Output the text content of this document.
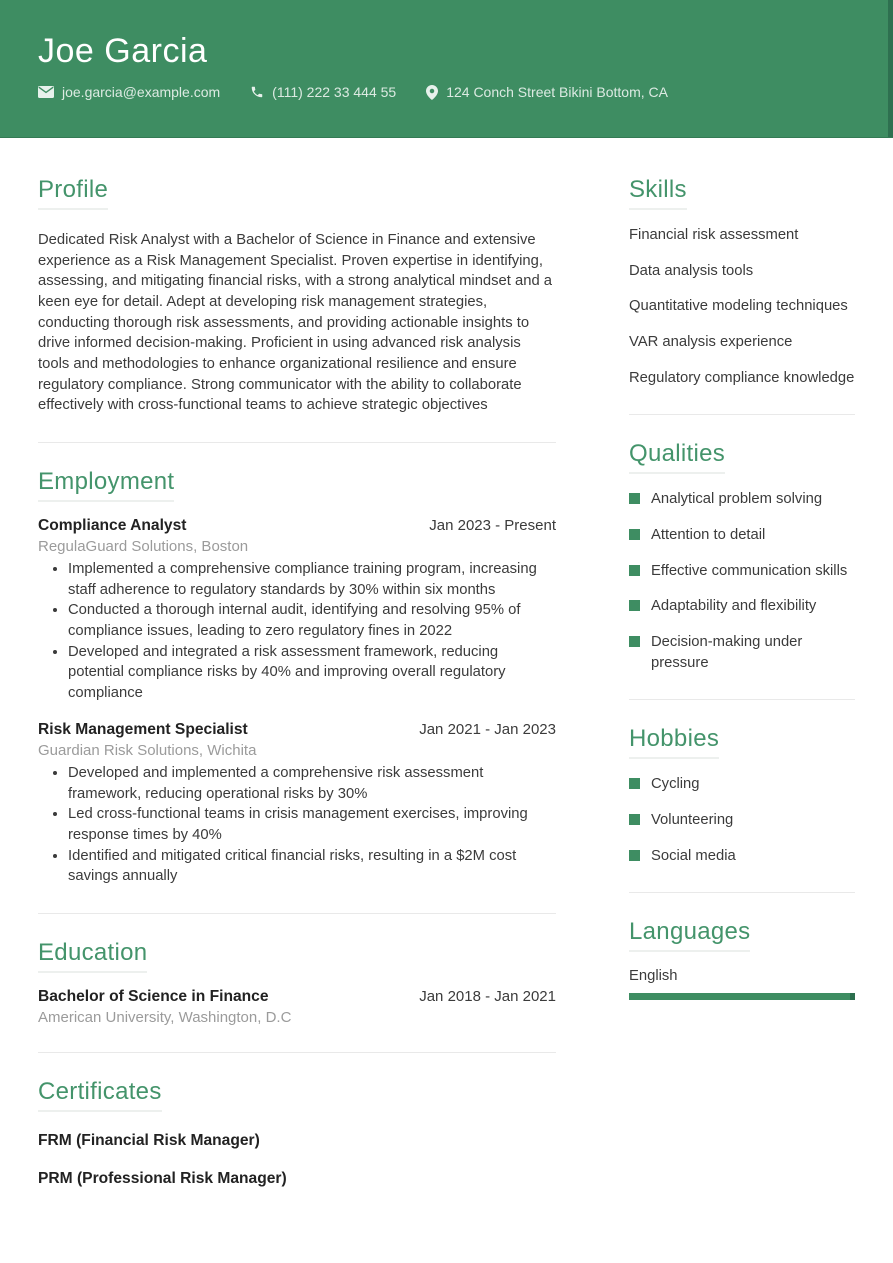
Joe Garcia
joe.garcia@example.com	(111) 222 33 444 55	124 Conch Street Bikini Bottom, CA
Profile

Dedicated Risk Analyst with a Bachelor of Science in Finance and extensive experience as a Risk Management Specialist. Proven expertise in identifying, assessing, and mitigating financial risks, with a strong analytical mindset and a keen eye for detail. Adept at developing risk management strategies, conducting thorough risk assessments, and providing actionable insights to drive informed decision-making. Proficient in using advanced risk analysis tools and methodologies to enhance organizational resilience and ensure regulatory compliance. Strong communicator with the ability to collaborate effectively with cross-functional teams to achieve strategic objectives

Employment
Compliance Analyst	Jan 2023 - Present
RegulaGuard Solutions, Boston
• Implemented a comprehensive compliance training program, increasing staff adherence to regulatory standards by 30% within six months
• Conducted a thorough internal audit, identifying and resolving 95% of compliance issues, leading to zero regulatory fines in 2022
• Developed and integrated a risk assessment framework, reducing potential compliance risks by 40% and improving overall regulatory compliance
Risk Management Specialist	Jan 2021 - Jan 2023
Guardian Risk Solutions, Wichita
• Developed and implemented a comprehensive risk assessment framework, reducing operational risks by 30%
• Led cross-functional teams in crisis management exercises, improving response times by 40%
• Identified and mitigated critical financial risks, resulting in a $2M cost savings annually
Education
Bachelor of Science in Finance	Jan 2018 - Jan 2021
American University, Washington, D.C
Certificates
FRM (Financial Risk Manager)
PRM (Professional Risk Manager)
Skills
Financial risk assessment
Data analysis tools
Quantitative modeling techniques
VAR analysis experience
Regulatory compliance knowledge
Qualities
Analytical problem solving
Attention to detail
Effective communication skills
Adaptability and flexibility
Decision-making under pressure
Hobbies
Cycling
Volunteering
Social media
Languages
English
